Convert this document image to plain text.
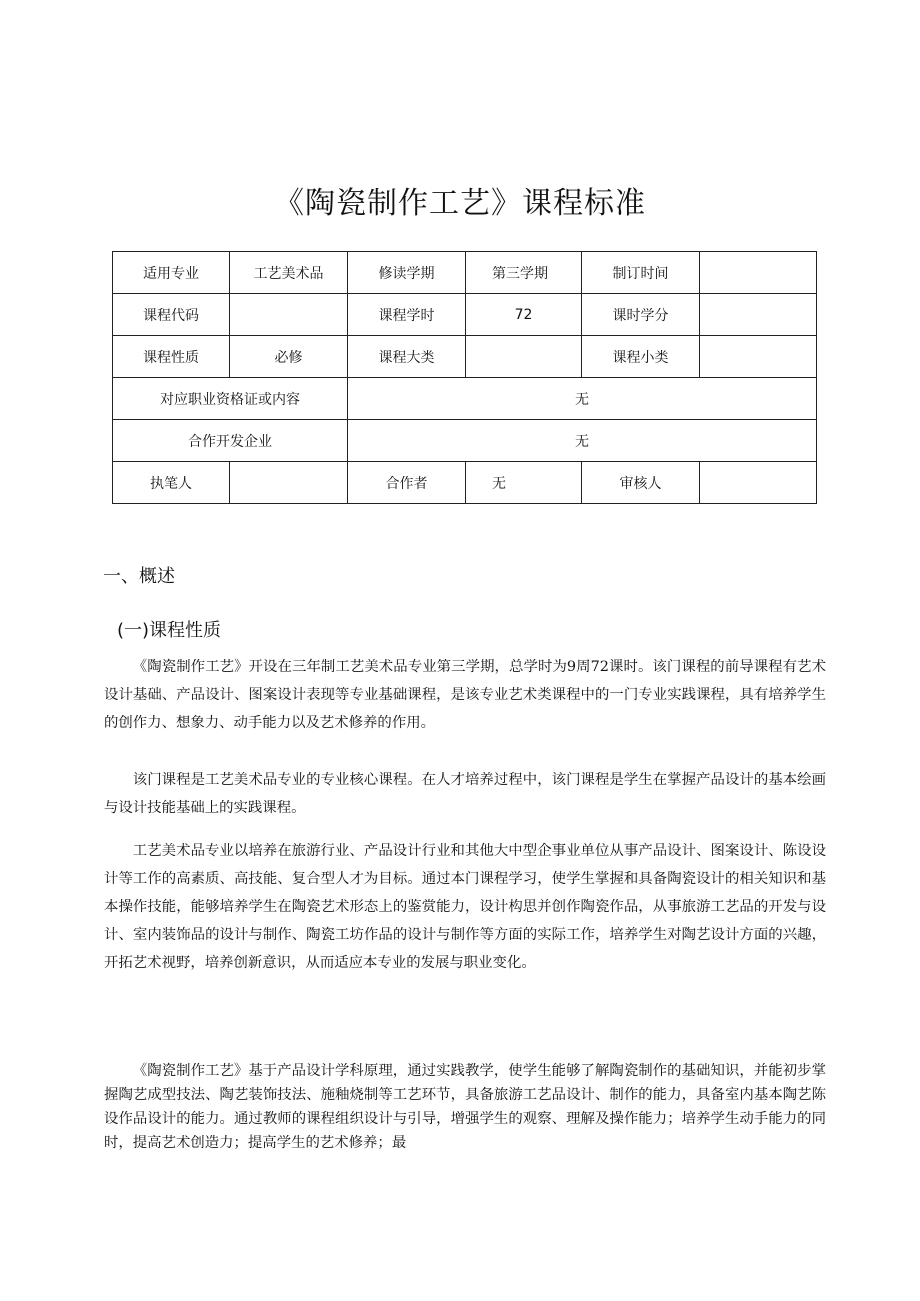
《陶瓷制作工艺》课程标准
适用专业	工艺美术品	修读学期	第三学期	制订时间	
课程代码		课程学时	72	课时学分	
课程性质	必修	课程大类		课程小类	
对应职业资格证或内容		无			
合作开发企业		无			
执笔人		合作者	无	审核人	
一、概述
(一)课程性质

《陶瓷制作工艺》开设在三年制工艺美术品专业第三学期，总学时为9周72课时。该门课程的前导课程有艺术设计基础、产品设计、图案设计表现等专业基础课程，是该专业艺术类课程中的一门专业实践课程，具有培养学生的创作力、想象力、动手能力以及艺术修养的作用。

该门课程是工艺美术品专业的专业核心课程。在人才培养过程中，该门课程是学生在掌握产品设计的基本绘画与设计技能基础上的实践课程。

工艺美术品专业以培养在旅游行业、产品设计行业和其他大中型企事业单位从事产品设计、图案设计、陈设设计等工作的高素质、高技能、复合型人才为目标。通过本门课程学习，使学生掌握和具备陶瓷设计的相关知识和基本操作技能，能够培养学生在陶瓷艺术形态上的鉴赏能力，设计构思并创作陶瓷作品，从事旅游工艺品的开发与设计、室内装饰品的设计与制作、陶瓷工坊作品的设计与制作等方面的实际工作，培养学生对陶艺设计方面的兴趣，开拓艺术视野，培养创新意识，从而适应本专业的发展与职业变化。

《陶瓷制作工艺》基于产品设计学科原理，通过实践教学，使学生能够了解陶瓷制作的基础知识，并能初步掌握陶艺成型技法、陶艺装饰技法、施釉烧制等工艺环节，具备旅游工艺品设计、制作的能力，具备室内基本陶艺陈设作品设计的能力。通过教师的课程组织设计与引导，增强学生的观察、理解及操作能力；培养学生动手能力的同时，提高艺术创造力；提高学生的艺术修养；最
